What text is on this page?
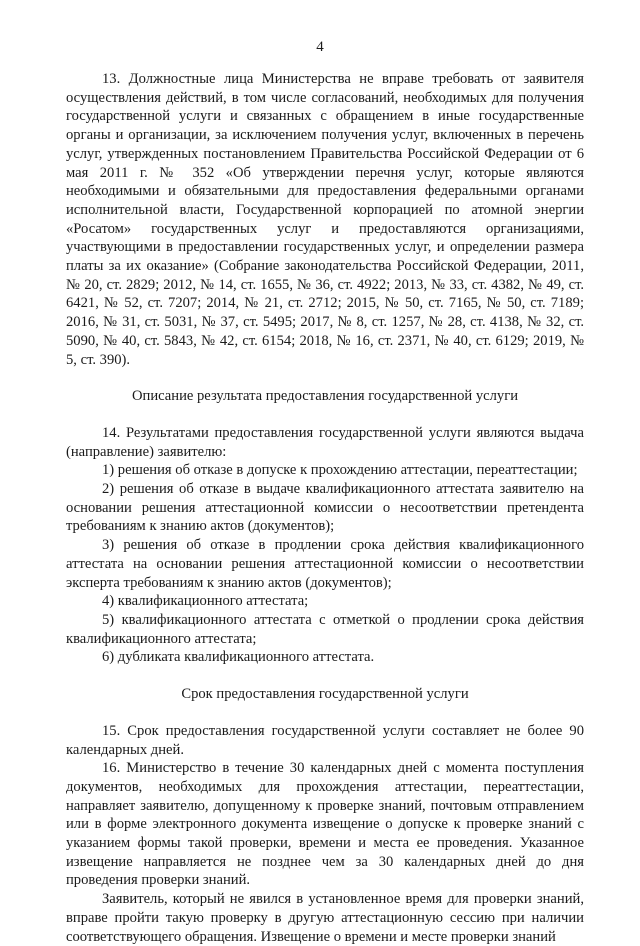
4

13. Должностные лица Министерства не вправе требовать от заявителя осуществления действий, в том числе согласований, необходимых для получения государственной услуги и связанных с обращением в иные государственные органы и организации, за исключением получения услуг, включенных в перечень услуг, утвержденных постановлением Правительства Российской Федерации от 6 мая 2011 г. № 352 «Об утверждении перечня услуг, которые являются необходимыми и обязательными для предоставления федеральными органами исполнительной власти, Государственной корпорацией по атомной энергии «Росатом» государственных услуг и предоставляются организациями, участвующими в предоставлении государственных услуг, и определении размера платы за их оказание» (Собрание законодательства Российской Федерации, 2011, № 20, ст. 2829; 2012, № 14, ст. 1655, № 36, ст. 4922; 2013, № 33, ст. 4382, № 49, ст. 6421, № 52, ст. 7207; 2014, № 21, ст. 2712; 2015, № 50, ст. 7165, № 50, ст. 7189; 2016, № 31, ст. 5031, № 37, ст. 5495; 2017, № 8, ст. 1257, № 28, ст. 4138, № 32, ст. 5090, № 40, ст. 5843, № 42, ст. 6154; 2018, № 16, ст. 2371, № 40, ст. 6129; 2019, № 5, ст. 390).

Описание результата предоставления государственной услуги

14. Результатами предоставления государственной услуги являются выдача (направление) заявителю:

1) решения об отказе в допуске к прохождению аттестации, переаттестации;

2) решения об отказе в выдаче квалификационного аттестата заявителю на основании решения аттестационной комиссии о несоответствии претендента требованиям к знанию актов (документов);

3) решения об отказе в продлении срока действия квалификационного аттестата на основании решения аттестационной комиссии о несоответствии эксперта требованиям к знанию актов (документов);

4) квалификационного аттестата;

5) квалификационного аттестата с отметкой о продлении срока действия квалификационного аттестата;

6) дубликата квалификационного аттестата.

Срок предоставления государственной услуги

15. Срок предоставления государственной услуги составляет не более 90 календарных дней.

16. Министерство в течение 30 календарных дней с момента поступления документов, необходимых для прохождения аттестации, переаттестации, направляет заявителю, допущенному к проверке знаний, почтовым отправлением или в форме электронного документа извещение о допуске к проверке знаний с указанием формы такой проверки, времени и места ее проведения. Указанное извещение направляется не позднее чем за 30 календарных дней до дня проведения проверки знаний.

Заявитель, который не явился в установленное время для проверки знаний, вправе пройти такую проверку в другую аттестационную сессию при наличии соответствующего обращения. Извещение о времени и месте проверки знаний
